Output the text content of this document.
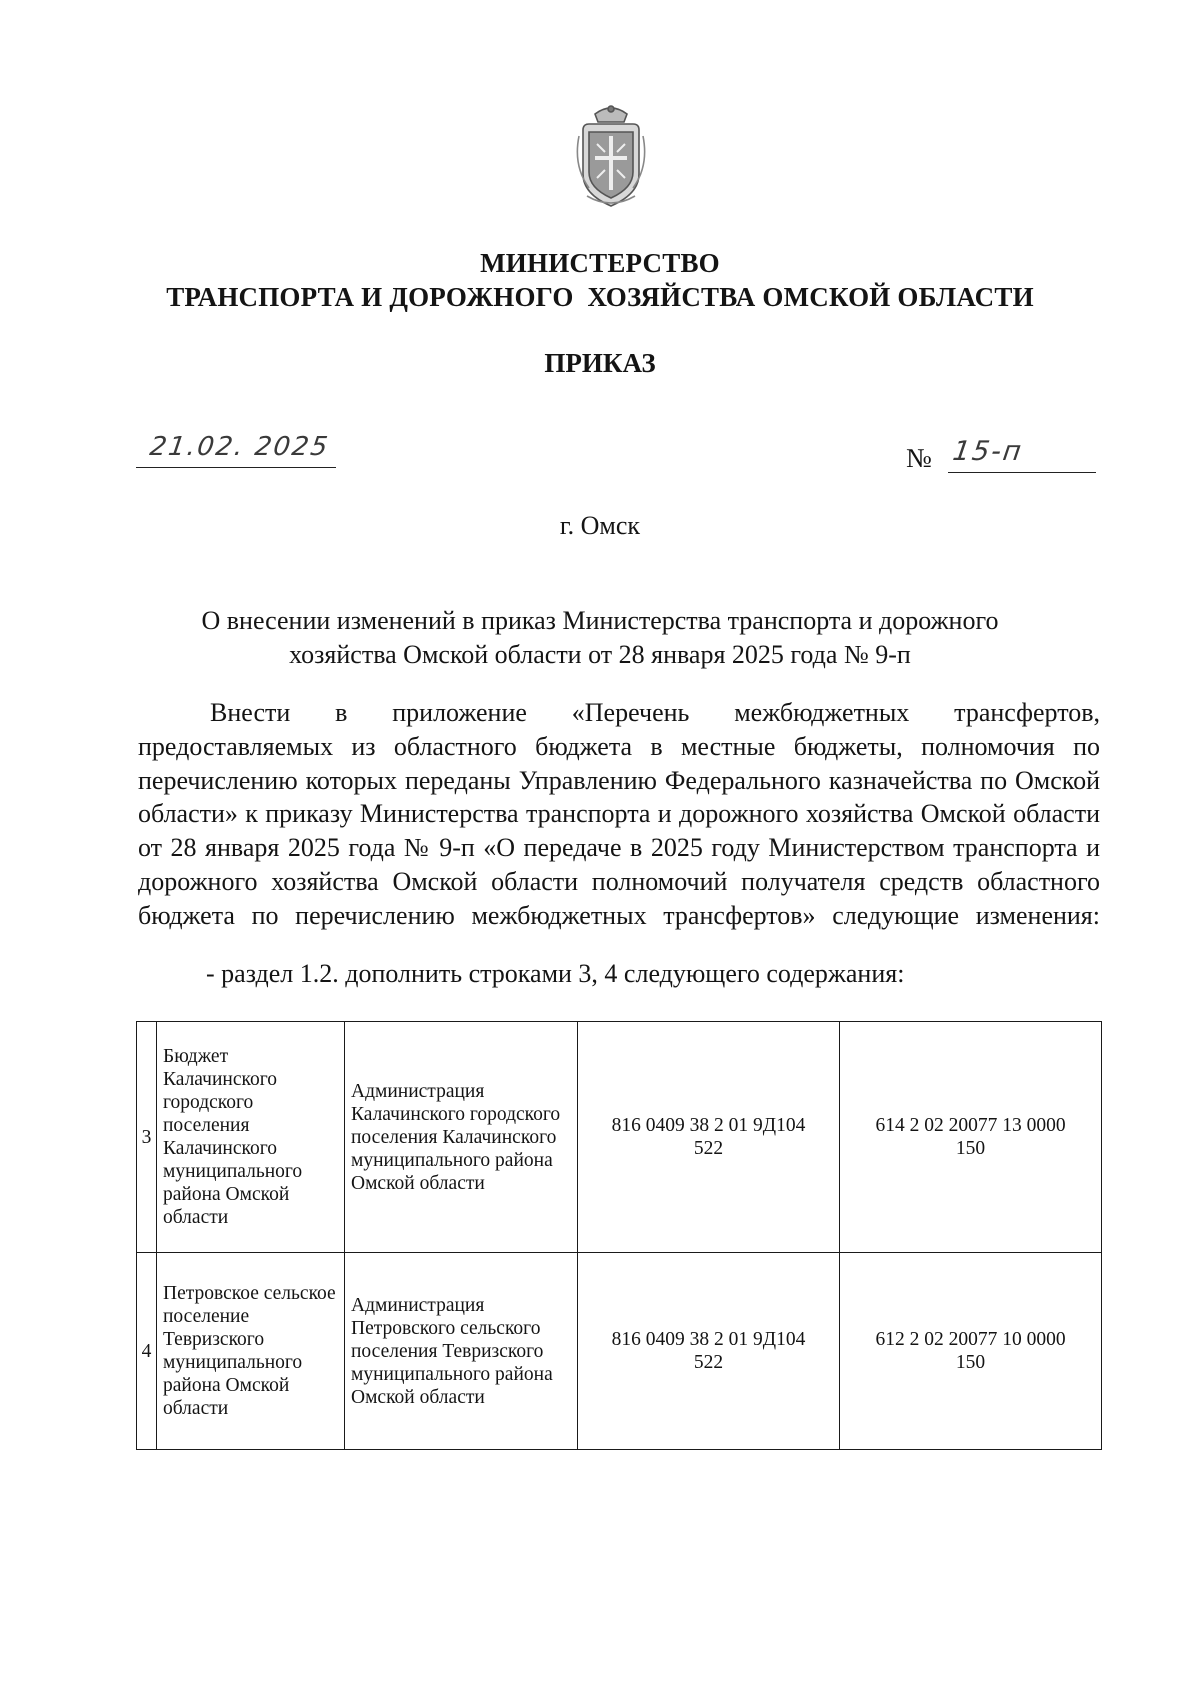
МИНИСТЕРСТВО
ТРАНСПОРТА И ДОРОЖНОГО  ХОЗЯЙСТВА ОМСКОЙ ОБЛАСТИ
ПРИКАЗ
21.02. 2025	№ 15-п
г. Омск
О внесении изменений в приказ Министерства транспорта и дорожного
хозяйства Омской области от 28 января 2025 года № 9-п

Внести в приложение «Перечень межбюджетных трансфертов, предоставляемых из областного бюджета в местные бюджеты, полномочия по перечислению которых переданы Управлению Федерального казначейства по Омской области» к приказу Министерства транспорта и дорожного хозяйства Омской области от 28 января 2025 года № 9-п «О передаче в 2025 году Министерством транспорта и дорожного хозяйства Омской области полномочий получателя средств областного бюджета по перечислению межбюджетных трансфертов» следующие изменения:

- раздел 1.2. дополнить строками 3, 4 следующего содержания:
3	Бюджет Калачинского городского поселения Калачинского муниципального района Омской области	Администрация Калачинского городского поселения Калачинского муниципального района Омской области	816 0409 38 2 01 9Д104 522	614 2 02 20077 13 0000 150
4	Петровское сельское поселение Тевризского муниципального района Омской области	Администрация Петровского сельского поселения Тевризского муниципального района Омской области	816 0409 38 2 01 9Д104 522	612 2 02 20077 10 0000 150
